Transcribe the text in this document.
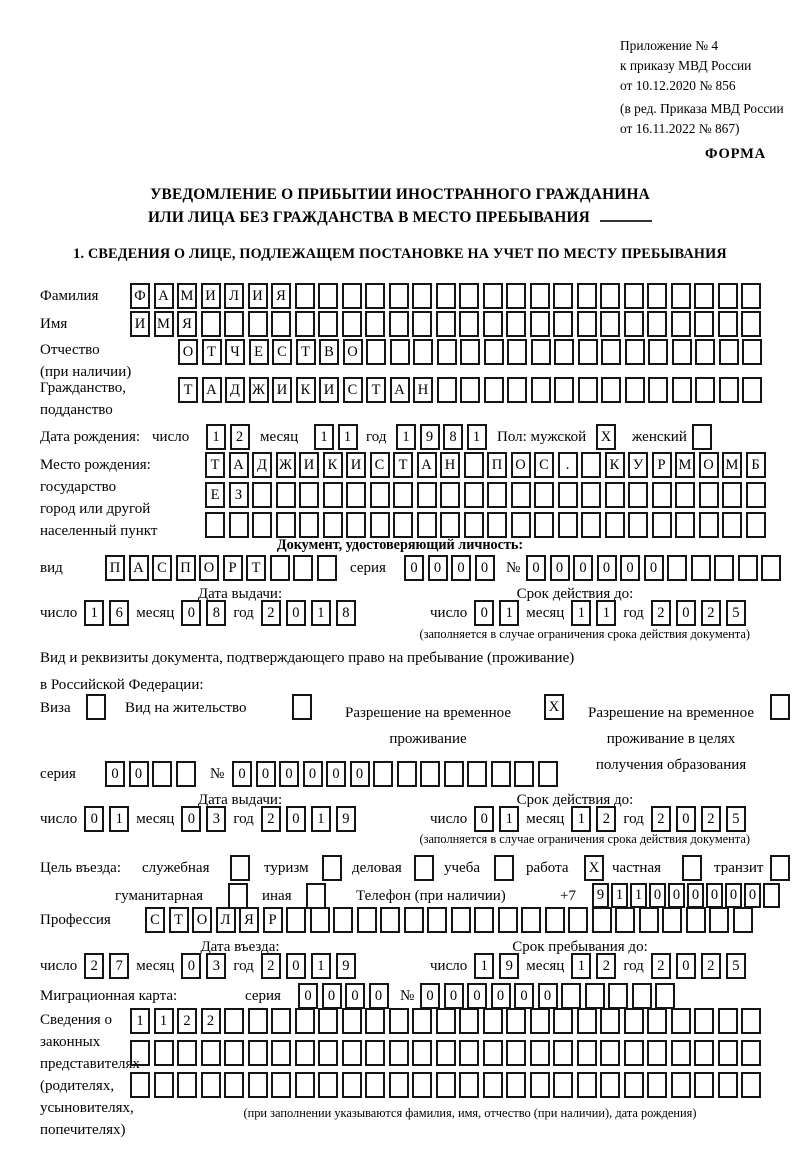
Приложение № 4
к приказу МВД России
от 10.12.2020 № 856
(в ред. Приказа МВД России
от 16.11.2022 № 867)
ФОРМА
УВЕДОМЛЕНИЕ О ПРИБЫТИИ ИНОСТРАННОГО ГРАЖДАНИНА
ИЛИ ЛИЦА БЕЗ ГРАЖДАНСТВА В МЕСТО ПРЕБЫВАНИЯ
1. СВЕДЕНИЯ О ЛИЦЕ, ПОДЛЕЖАЩЕМ ПОСТАНОВКЕ НА УЧЕТ ПО МЕСТУ ПРЕБЫВАНИЯ
Фамилия Ф А М И Л И Я
Имя	И М Я
Отчество
(при наличии)
О Т Ч Е С Т В О
Гражданство,
подданство
Т А Д Ж И К И С Т А Н
Дата рождения: число	1	2	месяц	1	1 год	1	9	8	1	Пол: мужской	X	женский
Место рождения:
государство
город или другой
населенный пункт
Т А Д Ж И К И С Т А Н	П О С	.	К У Р М О М Б
Е	З
Документ, удостоверяющий личность:
вид	П А С П О Р	Т	серия	0	0	0	0	№ 0	0	0	0	0	0
Дата выдачи:	Срок действия до:
число 1	6 месяц 0	8 год 2	0	1	8	число 0	1 месяц 1	1 год 2	0	2	5
(заполняется в случае ограничения срока действия документа)
Вид и реквизиты документа, подтверждающего право на пребывание (проживание)
в Российской Федерации:
Виза	Вид на жительство	Разрешение на временное
проживание
X	Разрешение на временное
проживание в целях
получения образования
серия	0	0	№ 0	0	0	0	0	0
Дата выдачи:	Срок действия до:
число 0	1 месяц 0	3 год 2	0	1	9	число 0	1 месяц 1	2 год 2	0	2	5
(заполняется в случае ограничения срока действия документа)
Цель въезда: служебная	туризм	деловая	учеба	работа	X частная	транзит
гуманитарная	иная	Телефон (при наличии)	+7	9 1 1 0 0 0 0 0 0
Профессия	С Т О Л Я	Р
Дата въезда:	Срок пребывания до:
число 2	7 месяц 0	3 год 2	0	1	9	число 1	9 месяц 1	2 год 2	0	2	5
Миграционная карта:	серия	0	0	0	0	№ 0	0	0	0	0	0
Сведения о
законных
представителях
(родителях,
усыновителях,
попечителях)
1	1	2	2
(при заполнении указываются фамилия, имя, отчество (при наличии), дата рождения)
